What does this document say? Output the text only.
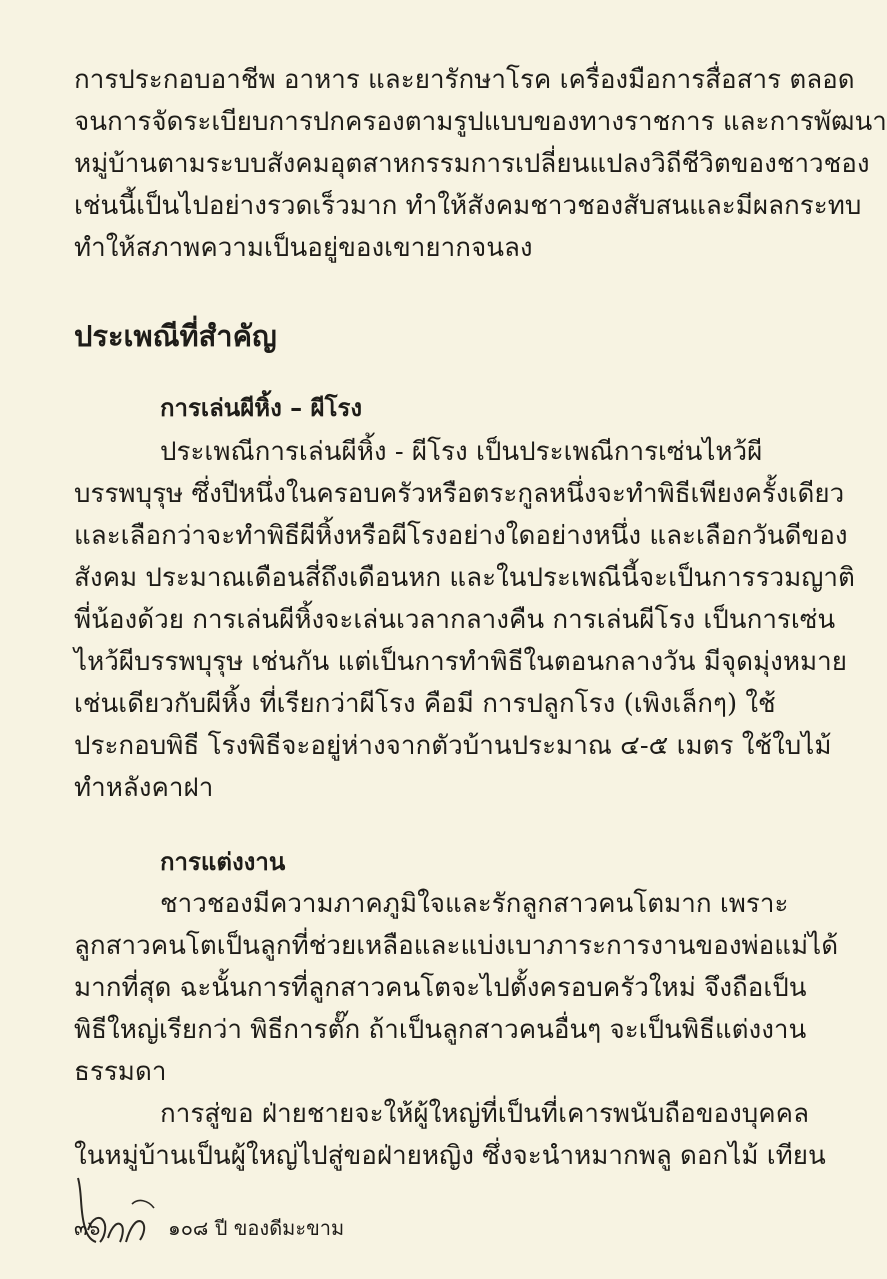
การประกอบอาชีพ อาหาร และยารักษาโรค เครื่องมือการสื่อสาร ตลอด
จนการจัดระเบียบการปกครองตามรูปแบบของทางราชการ และการพัฒนา
หมู่บ้านตามระบบสังคมอุตสาหกรรมการเปลี่ยนแปลงวิถีชีวิตของชาวชอง
เช่นนี้เป็นไปอย่างรวดเร็วมาก ทำให้สังคมชาวชองสับสนและมีผลกระทบ
ทำให้สภาพความเป็นอยู่ของเขายากจนลง
ประเพณีที่สำคัญ
การเล่นผีหิ้ง – ผีโรง
ประเพณีการเล่นผีหิ้ง - ผีโรง เป็นประเพณีการเซ่นไหว้ผี
บรรพบุรุษ ซึ่งปีหนึ่งในครอบครัวหรือตระกูลหนึ่งจะทำพิธีเพียงครั้งเดียว
และเลือกว่าจะทำพิธีผีหิ้งหรือผีโรงอย่างใดอย่างหนึ่ง และเลือกวันดีของ
สังคม ประมาณเดือนสี่ถึงเดือนหก และในประเพณีนี้จะเป็นการรวมญาติ
พี่น้องด้วย การเล่นผีหิ้งจะเล่นเวลากลางคืน การเล่นผีโรง เป็นการเซ่น
ไหว้ผีบรรพบุรุษ เช่นกัน แต่เป็นการทำพิธีในตอนกลางวัน มีจุดมุ่งหมาย
เช่นเดียวกับผีหิ้ง ที่เรียกว่าผีโรง คือมี การปลูกโรง (เพิงเล็กๆ) ใช้
ประกอบพิธี โรงพิธีจะอยู่ห่างจากตัวบ้านประมาณ ๔-๕ เมตร ใช้ใบไม้
ทำหลังคาฝา
การแต่งงาน
ชาวชองมีความภาคภูมิใจและรักลูกสาวคนโตมาก เพราะ
ลูกสาวคนโตเป็นลูกที่ช่วยเหลือและแบ่งเบาภาระการงานของพ่อแม่ได้
มากที่สุด ฉะนั้นการที่ลูกสาวคนโตจะไปตั้งครอบครัวใหม่ จึงถือเป็น
พิธีใหญ่เรียกว่า พิธีการตั๊ก ถ้าเป็นลูกสาวคนอื่นๆ จะเป็นพิธีแต่งงาน
ธรรมดา
การสู่ขอ ฝ่ายชายจะให้ผู้ใหญ่ที่เป็นที่เคารพนับถือของบุคคล
ในหมู่บ้านเป็นผู้ใหญ่ไปสู่ขอฝ่ายหญิง ซึ่งจะนำหมากพลู ดอกไม้ เทียน
๓๖	๑๐๘ ปี ของดีมะขาม
